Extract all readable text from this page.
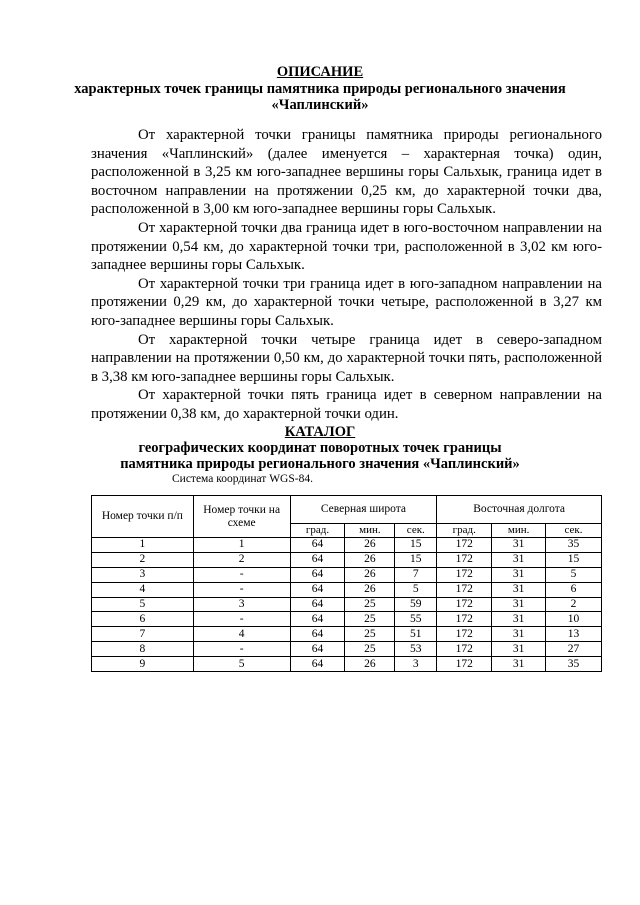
ОПИСАНИЕ
характерных точек границы памятника природы регионального значения
«Чаплинский»

От характерной точки границы памятника природы регионального значения «Чаплинский» (далее именуется – характерная точка) один, расположенной в 3,25 км юго-западнее вершины горы Сальхык, граница идет в восточном направлении на протяжении 0,25 км, до характерной точки два, расположенной в 3,00 км юго-западнее вершины горы Сальхык.

От характерной точки два граница идет в юго-восточном направлении на протяжении 0,54 км, до характерной точки три, расположенной в 3,02 км юго-западнее вершины горы Сальхык.

От характерной точки три граница идет в юго-западном направлении на протяжении 0,29 км, до характерной точки четыре, расположенной в 3,27 км юго-западнее вершины горы Сальхык.

От характерной точки четыре граница идет в северо-западном направлении на протяжении 0,50 км, до характерной точки пять, расположенной в 3,38 км юго-западнее вершины горы Сальхык.

От характерной точки пять граница идет в северном направлении на протяжении 0,38 км, до характерной точки один.

КАТАЛОГ
географических координат поворотных точек границы
памятника природы регионального значения «Чаплинский»
Система координат WGS-84.
Номер точки п/п	Номер точки на схеме	Северная широта			Восточная долгота		
		град.	мин.	сек.	град.	мин.	сек.
1	1	64	26	15	172	31	35
2	2	64	26	15	172	31	15
3	-	64	26	7	172	31	5
4	-	64	26	5	172	31	6
5	3	64	25	59	172	31	2
6	-	64	25	55	172	31	10
7	4	64	25	51	172	31	13
8	-	64	25	53	172	31	27
9	5	64	26	3	172	31	35
